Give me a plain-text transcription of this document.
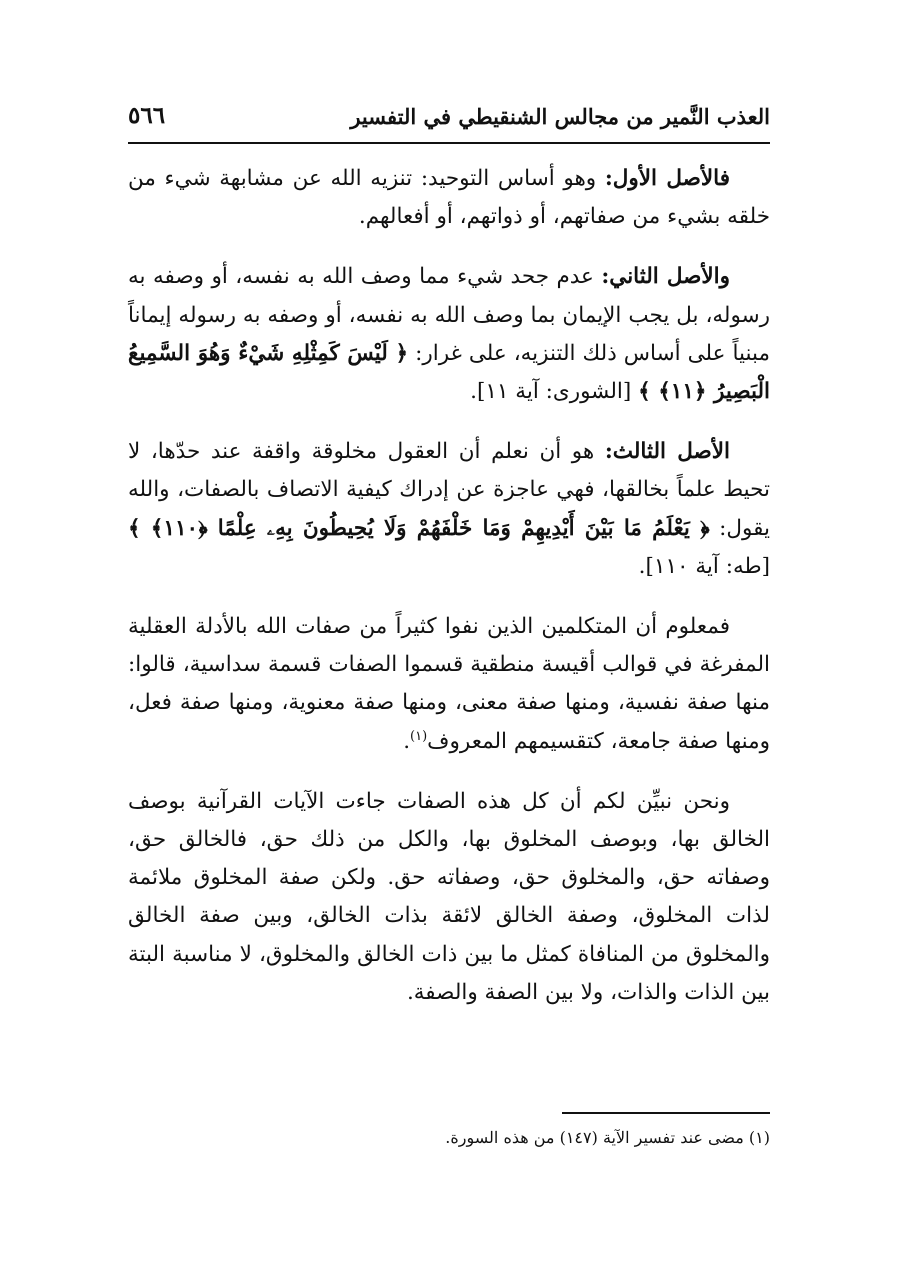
العذب النَّمير من مجالس الشنقيطي في التفسير
٥٦٦

فالأصل الأول: وهو أساس التوحيد: تنزيه الله عن مشابهة شيء من خلقه بشيء من صفاتهم، أو ذواتهم، أو أفعالهم.

والأصل الثاني: عدم جحد شيء مما وصف الله به نفسه، أو وصفه به رسوله، بل يجب الإيمان بما وصف الله به نفسه، أو وصفه به رسوله إيماناً مبنياً على أساس ذلك التنزيه، على غرار: ﴿ لَيْسَ كَمِثْلِهِ شَيْءٌ وَهُوَ السَّمِيعُ الْبَصِيرُ ﴿١١﴾ ﴾ [الشورى: آية ١١].

الأصل الثالث: هو أن نعلم أن العقول مخلوقة واقفة عند حدّها، لا تحيط علماً بخالقها، فهي عاجزة عن إدراك كيفية الاتصاف بالصفات، والله يقول: ﴿ يَعْلَمُ مَا بَيْنَ أَيْدِيهِمْ وَمَا خَلْفَهُمْ وَلَا يُحِيطُونَ بِهِۦ عِلْمًا ﴿١١٠﴾ ﴾ [طه: آية ١١٠].

فمعلوم أن المتكلمين الذين نفوا كثيراً من صفات الله بالأدلة العقلية المفرغة في قوالب أقيسة منطقية قسموا الصفات قسمة سداسية، قالوا: منها صفة نفسية، ومنها صفة معنى، ومنها صفة معنوية، ومنها صفة فعل، ومنها صفة جامعة، كتقسيمهم المعروف$^{(١)}$.

ونحن نبيِّن لكم أن كل هذه الصفات جاءت الآيات القرآنية بوصف الخالق بها، وبوصف المخلوق بها، والكل من ذلك حق، فالخالق حق، وصفاته حق، والمخلوق حق، وصفاته حق. ولكن صفة المخلوق ملائمة لذات المخلوق، وصفة الخالق لائقة بذات الخالق، وبين صفة الخالق والمخلوق من المنافاة كمثل ما بين ذات الخالق والمخلوق، لا مناسبة البتة بين الذات والذات، ولا بين الصفة والصفة.

(١) مضى عند تفسير الآية (١٤٧) من هذه السورة.
